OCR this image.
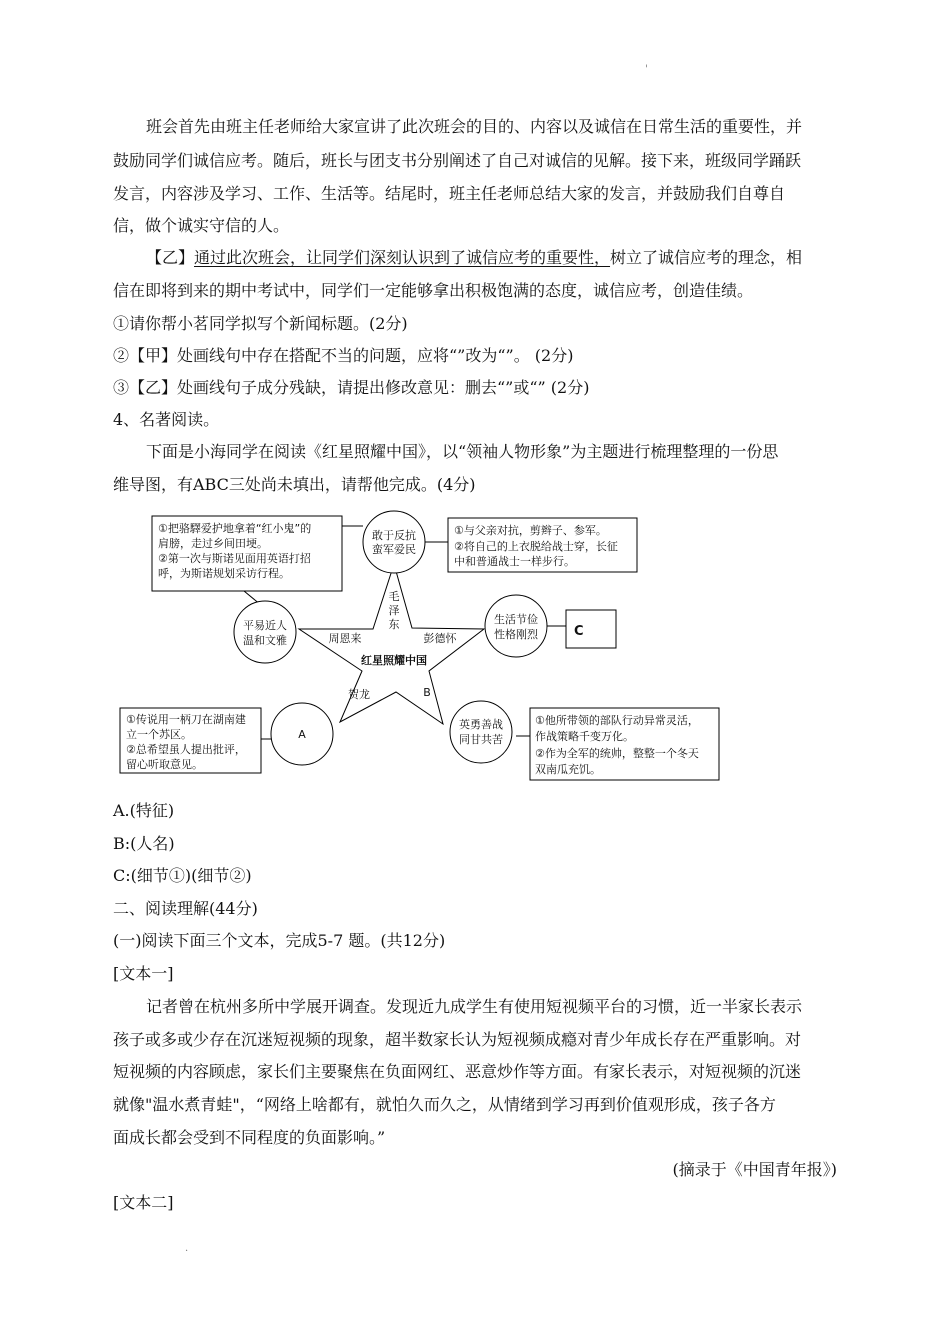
'
班会首先由班主任老师给大家宣讲了此次班会的目的、内容以及诚信在日常生活的重要性，并
鼓励同学们诚信应考。随后，班长与团支书分别阐述了自己对诚信的见解。接下来，班级同学踊跃
发言，内容涉及学习、工作、生活等。结尾时，班主任老师总结大家的发言，并鼓励我们自尊自
信，做个诚实守信的人。
【乙】通过此次班会，让同学们深刻认识到了诚信应考的重要性，树立了诚信应考的理念，相
信在即将到来的期中考试中，同学们一定能够拿出积极饱满的态度，诚信应考，创造佳绩。
①请你帮小茗同学拟写个新闻标题。(2分)
②【甲】处画线句中存在搭配不当的问题，应将“”改为“”。 (2分)
③【乙】处画线句子成分残缺，请提出修改意见：删去“”或“” (2分)
4、名著阅读。
下面是小海同学在阅读《红星照耀中国》，以“领袖人物形象”为主题进行梳理整理的一份思
维导图，有ABC三处尚未填出，请帮他完成。(4分)
①把骆驛爱护地拿着“红小鬼”的
肩膀，走过乡间田埂。
②第一次与斯诺见面用英语打招
呼，为斯诺规划采访行程。
①与父亲对抗，剪辫子、参军。
②将自己的上衣脱给战士穿，长征
中和普通战士一样步行。
C
①传说用一柄刀在湖南建
立一个苏区。
②总希望虽人提出批评，
留心听取意见。
①他所带领的部队行动异常灵活，
作战策略千变万化。
②作为全军的统帅，整整一个冬天
双南瓜充饥。
敢于反抗
蛮军爱民
平易近人
温和文雅
生活节俭
性格刚烈
A
英勇善战
同甘共苦
毛
泽
东
周恩来	彭德怀
红星照耀中国
贺龙	B
A.(特征)
B:(人名)
C:(细节①)(细节②)
二、阅读理解(44分)
(一)阅读下面三个文本，完成5-7 题。(共12分)
[文本一]
记者曾在杭州多所中学展开调查。发现近九成学生有使用短视频平台的习惯，近一半家长表示
孩子或多或少存在沉迷短视频的现象，超半数家长认为短视频成瘾对青少年成长存在严重影响。对
短视频的内容顾虑，家长们主要聚焦在负面网红、恶意炒作等方面。有家长表示，对短视频的沉迷
就像"温水煮青蛙"，“网络上啥都有，就怕久而久之，从情绪到学习再到价值观形成，孩子各方
面成长都会受到不同程度的负面影响。”
(摘录于《中国青年报》)
[文本二]
.
